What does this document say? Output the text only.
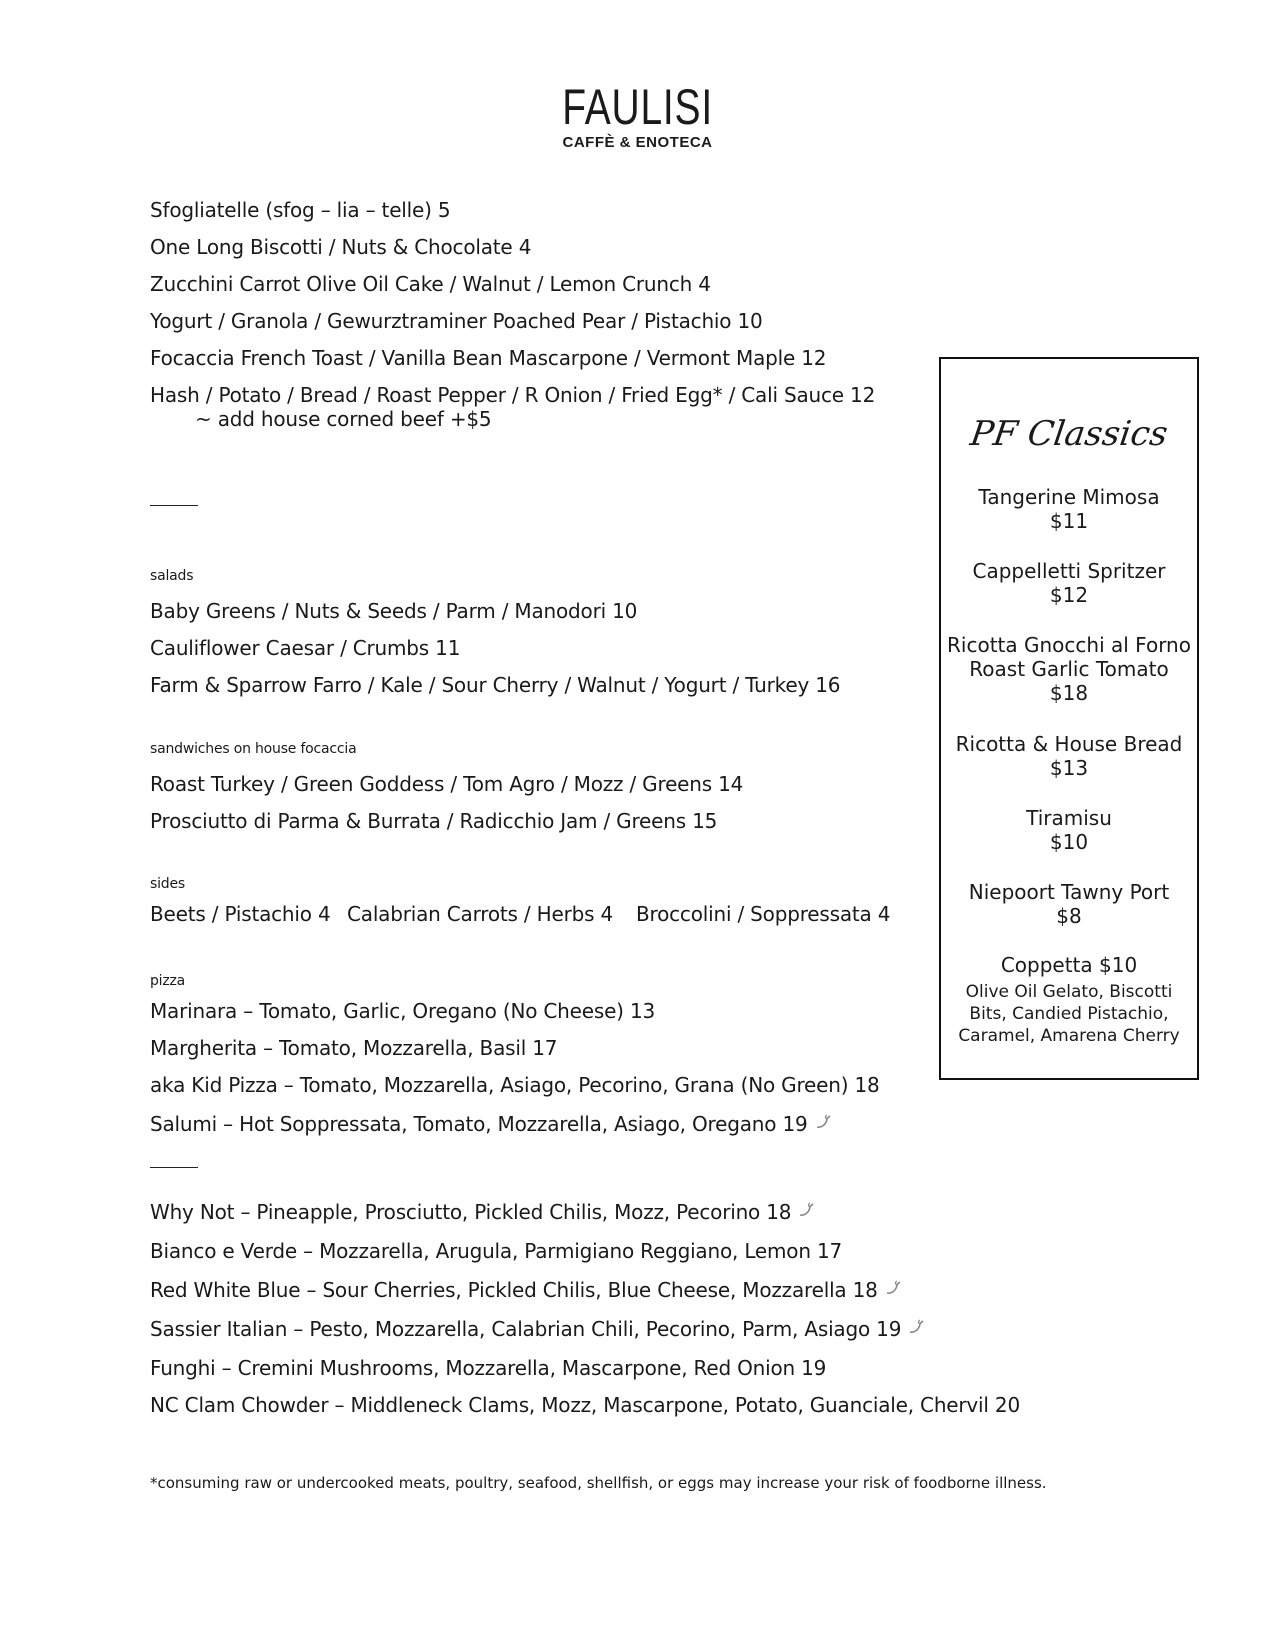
FAULISI
CAFFÈ & ENOTECA
Sfogliatelle (sfog – lia – telle) 5
One Long Biscotti / Nuts & Chocolate 4
Zucchini Carrot Olive Oil Cake / Walnut / Lemon Crunch 4
Yogurt / Granola / Gewurztraminer Poached Pear / Pistachio 10
Focaccia French Toast / Vanilla Bean Mascarpone / Vermont Maple 12
Hash / Potato / Bread / Roast Pepper / R Onion / Fried Egg* / Cali Sauce 12
~ add house corned beef +$5
salads
Baby Greens / Nuts & Seeds / Parm / Manodori 10
Cauliflower Caesar / Crumbs 11
Farm & Sparrow Farro / Kale / Sour Cherry / Walnut / Yogurt / Turkey 16
sandwiches on house focaccia
Roast Turkey / Green Goddess / Tom Agro / Mozz / Greens 14
Prosciutto di Parma & Burrata / Radicchio Jam / Greens 15
sides
Beets / Pistachio 4 Calabrian Carrots / Herbs 4 Broccolini / Soppressata 4
pizza
Marinara – Tomato, Garlic, Oregano (No Cheese) 13
Margherita – Tomato, Mozzarella, Basil 17
aka Kid Pizza – Tomato, Mozzarella, Asiago, Pecorino, Grana (No Green) 18
Salumi – Hot Soppressata, Tomato, Mozzarella, Asiago, Oregano 19
Why Not – Pineapple, Prosciutto, Pickled Chilis, Mozz, Pecorino 18
Bianco e Verde – Mozzarella, Arugula, Parmigiano Reggiano, Lemon 17
Red White Blue – Sour Cherries, Pickled Chilis, Blue Cheese, Mozzarella 18
Sassier Italian – Pesto, Mozzarella, Calabrian Chili, Pecorino, Parm, Asiago 19
Funghi – Cremini Mushrooms, Mozzarella, Mascarpone, Red Onion 19
NC Clam Chowder – Middleneck Clams, Mozz, Mascarpone, Potato, Guanciale, Chervil 20
*consuming raw or undercooked meats, poultry, seafood, shellfish, or eggs may increase your risk of foodborne illness.
PF Classics
Tangerine Mimosa
$11
Cappelletti Spritzer
$12
Ricotta Gnocchi al Forno
Roast Garlic Tomato
$18
Ricotta & House Bread
$13
Tiramisu
$10
Niepoort Tawny Port
$8
Coppetta $10
Olive Oil Gelato, Biscotti
Bits, Candied Pistachio,
Caramel, Amarena Cherry
